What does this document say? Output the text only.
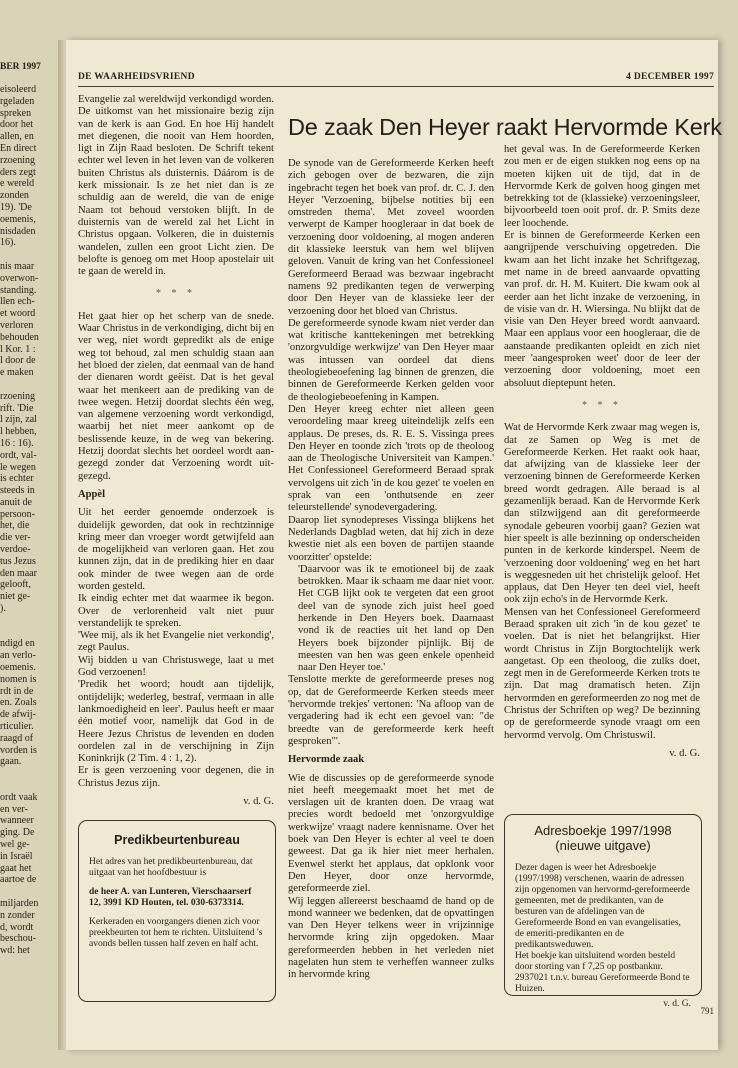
BER 1997
eisoleerd
rgeladen
spreken
door het
allen, en
En direct
rzoening
ders zegt
e wereld
zonden
19). 'De
oemenis,
nisdaden
16).
nis maar
overwon-
standing.
llen ech-
et woord
verloren
behouden
l Kor. 1 :
l door de
e maken
rzoening
rift. 'Die
l zijn, zal
l hebben,
16 : 16).
ordt, val-
le wegen
is echter
steeds in
anuit de
persoon-
het, die
die ver-
verdoe-
tus Jezus
den maar
gelooft,
niet ge-
).
ndigd en
an verlo-
oemenis.
nomen is
rdt in de
en. Zoals
de afwij-
rticulier.
raagd of
vorden is
gaan.
ordt vaak
en ver-
wanneer
ging. De
wel ge-
in Israël
gaat het
aartoe de
miljarden
n zonder
d, wordt
beschou-
wd: het
DE WAARHEIDSVRIEND	4 DECEMBER 1997

Evangelie zal wereldwijd verkondigd worden. De uitkomst van het missionaire bezig zijn van de kerk is aan God. En hoe Hij handelt met diegenen, die nooit van Hem hoorden, ligt in Zijn Raad besloten. De Schrift tekent echter wel leven in het leven van de volkeren buiten Christus als duisternis. Dáárom is de kerk missionair. Is ze het niet dan is ze schuldig aan de wereld, die van de enige Naam tot behoud verstoken blijft. In de duisternis van de wereld zal het Licht in Christus opgaan. Volkeren, die in duisternis wandelen, zullen een groot Licht zien. De belofte is genoeg om met Hoop apostelair uit te gaan de wereld in.

* * *

Het gaat hier op het scherp van de snede. Waar Christus in de verkondiging, dicht bij en ver weg, niet wordt gepredikt als de enige weg tot behoud, zal men schuldig staan aan het bloed der zielen, dat eenmaal van de hand der dienaren wordt geëist. Dat is het geval waar het menkeert aan de prediking van de twee wegen. Hetzij doordat slechts één weg, van algemene verzoening wordt verkondigd, waarbij het niet meer aankomt op de beslissende keuze, in de weg van bekering. Hetzij doordat slechts het oordeel wordt aan-gezegd zonder dat Verzoening wordt uit-gezegd.

Appèl

Uit het eerder genoemde onderzoek is duidelijk geworden, dat ook in rechtzinnige kring meer dan vroeger wordt getwijfeld aan de mogelijkheid van verloren gaan. Het zou kunnen zijn, dat in de prediking hier en daar ook minder de twee wegen aan de orde worden gesteld.

Ik eindig echter met dat waarmee ik begon. Over de verlorenheid valt niet puur verstandelijk te spreken.

'Wee mij, als ik het Evangelie niet verkondig', zegt Paulus.

Wij bidden u van Christuswege, laat u met God verzoenen!

'Predik het woord; houdt aan tijdelijk, ontijdelijk; wederleg, bestraf, vermaan in alle lankmoedigheid en leer'. Paulus heeft er maar één motief voor, namelijk dat God in de Heere Jezus Christus de levenden en doden oordelen zal in de verschijning in Zijn Koninkrijk (2 Tim. 4 : 1, 2).

Er is geen verzoening voor degenen, die in Christus Jezus zijn.

v. d. G.
Predikbeurtenbureau

Het adres van het predikbeurtenbureau, dat uitgaat van het hoofdbestuur is

de heer A. van Lunteren, Vierschaarserf 12, 3991 KD Houten, tel. 030-6373314.

Kerkeraden en voorgangers dienen zich voor preekbeurten tot hem te richten. Uitsluitend 's avonds bellen tussen half zeven en half acht.

De zaak Den Heyer raakt Hervormde Kerk

De synode van de Gereformeerde Kerken heeft zich gebogen over de bezwaren, die zijn ingebracht tegen het boek van prof. dr. C. J. den Heyer 'Verzoening, bijbelse notities bij een omstreden thema'. Met zoveel woorden verwerpt de Kamper hoogleraar in dat boek de verzoening door voldoening, al mogen anderen dit klassieke leerstuk van hem wel blijven geloven. Vanuit de kring van het Confessioneel Gereformeerd Beraad was bezwaar ingebracht namens 92 predikanten tegen de verwerping door Den Heyer van de klassieke leer der verzoening door het bloed van Christus.

De gereformeerde synode kwam niet verder dan wat kritische kanttekeningen met betrekking 'onzorgvuldige werkwijze' van Den Heyer maar was intussen van oordeel dat diens theologiebeoefening lag binnen de grenzen, die binnen de Gereformeerde Kerken gelden voor de theologiebeoefening in Kampen.

Den Heyer kreeg echter niet alleen geen veroordeling maar kreeg uiteindelijk zelfs een applaus. De preses, ds. R. E. S. Vissinga prees Den Heyer en toonde zich 'trots op de theoloog aan de Theologische Universiteit van Kampen.' Het Confessioneel Gereformeerd Beraad sprak vervolgens uit zich 'in de kou gezet' te voelen en sprak van een 'onthutsende en zeer teleurstellende' synodevergadering.

Daarop liet synodepreses Vissinga blijkens het Nederlands Dagblad weten, dat hij zich in deze kwestie niet als een boven de partijen staande voorzitter' opstelde:

'Daarvoor was ik te emotioneel bij de zaak betrokken. Maar ik schaam me daar niet voor. Het CGB lijkt ook te vergeten dat een groot deel van de synode zich juist heel goed herkende in Den Heyers boek. Daarnaast vond ik de reacties uit het land op Den Heyers boek bijzonder pijnlijk. Bij de meesten van hen was geen enkele openheid naar Den Heyer toe.'

Tenslotte merkte de gereformeerde preses nog op, dat de Gereformeerde Kerken steeds meer 'hervormde trekjes' vertonen: 'Na afloop van de vergadering had ik echt een gevoel van: "de breedte van de gereformeerde kerk heeft gesproken"'.

Hervormde zaak

Wie de discussies op de gereformeerde synode niet heeft meegemaakt moet het met de verslagen uit de kranten doen. De vraag wat precies wordt bedoeld met 'onzorgvuldige werkwijze' vraagt nadere kennisname. Over het boek van Den Heyer is echter al veel te doen geweest. Dat ga ik hier niet meer herhalen. Evenwel sterkt het applaus, dat opklonk voor Den Heyer, door onze hervormde, gereformeerde ziel.

Wij leggen allereerst beschaamd de hand op de mond wanneer we bedenken, dat de opvattingen van Den Heyer telkens weer in vrijzinnige hervormde kring zijn opgedoken. Maar gereformeerden hebben in het verleden niet nagelaten hun stem te verheffen wanneer zulks in hervormde kring

het geval was. In de Gereformeerde Kerken zou men er de eigen stukken nog eens op na moeten kijken uit de tijd, dat in de Hervormde Kerk de golven hoog gingen met betrekking tot de (klassieke) verzoeningsleer, bijvoorbeeld toen ooit prof. dr. P. Smits deze leer loochende.

Er is binnen de Gereformeerde Kerken een aangrijpende verschuiving opgetreden. Die kwam aan het licht inzake het Schriftgezag, met name in de breed aanvaarde opvatting van prof. dr. H. M. Kuitert. Die kwam ook al eerder aan het licht inzake de verzoening, in de visie van dr. H. Wiersinga. Nu blijkt dat de visie van Den Heyer breed wordt aanvaard. Maar een applaus voor een hoogleraar, die de aanstaande predikanten opleidt en zich niet meer 'aangesproken weet' door de leer der verzoening door voldoening, moet een absoluut dieptepunt heten.

* * *

Wat de Hervormde Kerk zwaar mag wegen is, dat ze Samen op Weg is met de Gereformeerde Kerken. Het raakt ook haar, dat afwijzing van de klassieke leer der verzoening binnen de Gereformeerde Kerken breed wordt gedragen. Alle beraad is al gezamenlijk beraad. Kan de Hervormde Kerk dan stilzwijgend aan dit gereformeerde synodale gebeuren voorbij gaan? Gezien wat hier speelt is alle bezinning op onderscheiden punten in de kerkorde kinderspel. Neem de 'verzoening door voldoening' weg en het hart is weggesneden uit het christelijk geloof. Het applaus, dat Den Heyer ten deel viel, heeft ook zijn echo's in de Hervormde Kerk.

Mensen van het Confessioneel Gereformeerd Beraad spraken uit zich 'in de kou gezet' te voelen. Dat is niet het belangrijkst. Hier wordt Christus in Zijn Borgtochtelijk werk aangetast. Op een theoloog, die zulks doet, zegt men in de Gereformeerde Kerken trots te zijn. Dat mag dramatisch heten. Zijn hervormden en gereformeerden zo nog met de Christus der Schriften op weg? De bezinning op de gereformeerde synode vraagt om een hervormd vervolg. Om Christuswil.

v. d. G.
Adresboekje 1997/1998
(nieuwe uitgave)

Dezer dagen is weer het Adresboekje (1997/1998) verschenen, waarin de adressen zijn opgenomen van hervormd-gereformeerde gemeenten, met de predikanten, van de besturen van de afdelingen van de Gereformeerde Bond en van evangelisaties, de emeriti-predikanten en de predikantsweduwen.

Het boekje kan uitsluitend worden besteld door storting van f 7,25 op postbanknr. 2937021 t.n.v. bureau Gereformeerde Bond te Huizen.

v. d. G.
791
